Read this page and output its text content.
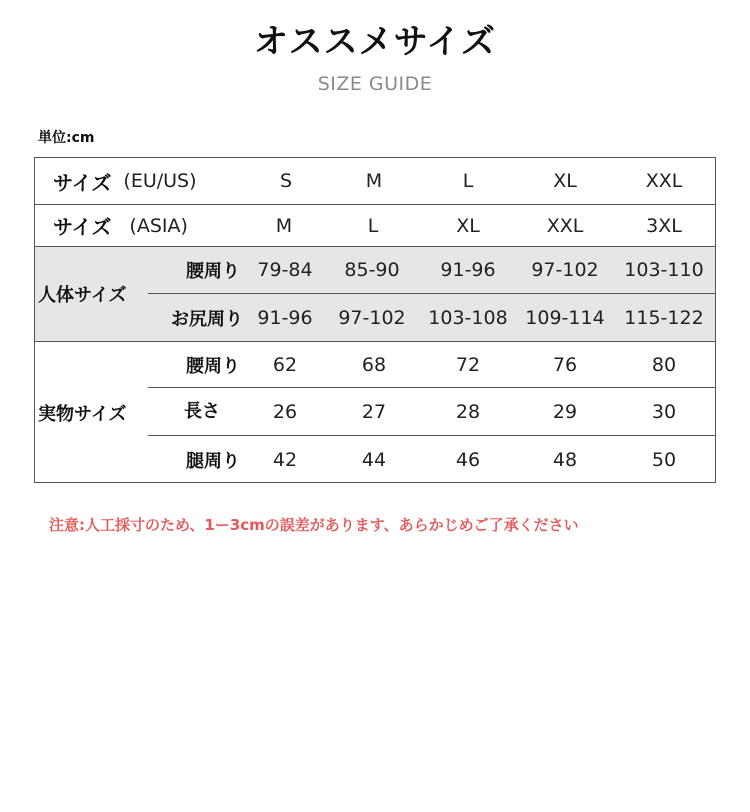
オススメサイズ
SIZE GUIDE
単位:cm
サイズ (EU/US)	S	M	L	XL	XXL
サイズ (ASIA)	M	L	XL	XXL	3XL
人体サイズ
腰周り 79-84	85-90	91-96	97-102	103-110
お尻周り 91-96	97-102	103-108 109-114	115-122
実物サイズ
腰周り	62	68	72	76	80
長さ	26	27	28	29	30
腿周り	42	44	46	48	50
注意:人工採寸のため、1ー3cmの誤差があります、あらかじめご了承ください
